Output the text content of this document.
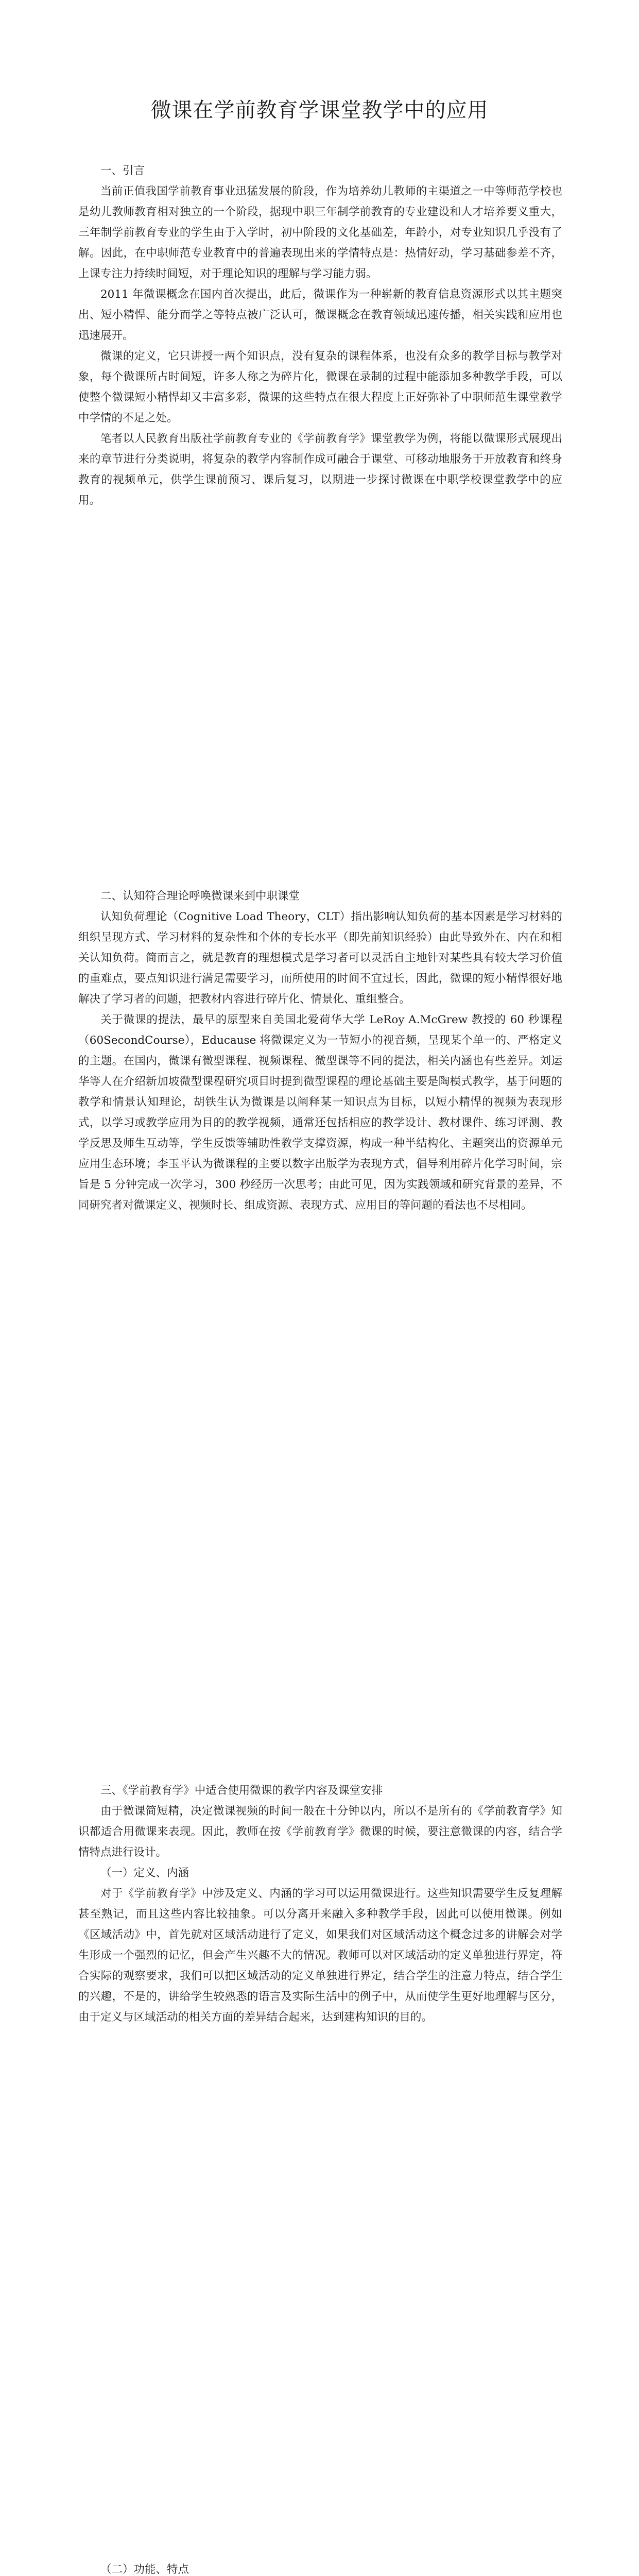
微课在学前教育学课堂教学中的应用

一、引言

当前正值我国学前教育事业迅猛发展的阶段，作为培养幼儿教师的主渠道之一中等师范学校也是幼儿教师教育相对独立的一个阶段，据现中职三年制学前教育的专业建设和人才培养要义重大，三年制学前教育专业的学生由于入学时，初中阶段的文化基础差，年龄小，对专业知识几乎没有了解。因此，在中职师范专业教育中的普遍表现出来的学情特点是：热情好动，学习基础参差不齐，上课专注力持续时间短，对于理论知识的理解与学习能力弱。

2011 年微课概念在国内首次提出，此后，微课作为一种崭新的教育信息资源形式以其主题突出、短小精悍、能分而学之等特点被广泛认可，微课概念在教育领域迅速传播，相关实践和应用也迅速展开。

微课的定义，它只讲授一两个知识点，没有复杂的课程体系，也没有众多的教学目标与教学对象，每个微课所占时间短，许多人称之为碎片化，微课在录制的过程中能添加多种教学手段，可以使整个微课短小精悍却又丰富多彩，微课的这些特点在很大程度上正好弥补了中职师范生课堂教学中学情的不足之处。

笔者以人民教育出版社学前教育专业的《学前教育学》课堂教学为例，将能以微课形式展现出来的章节进行分类说明，将复杂的教学内容制作成可融合于课堂、可移动地服务于开放教育和终身教育的视频单元，供学生课前预习、课后复习，以期进一步探讨微课在中职学校课堂教学中的应用。

二、认知符合理论呼唤微课来到中职课堂

认知负荷理论（Cognitive Load Theory，CLT）指出影响认知负荷的基本因素是学习材料的组织呈现方式、学习材料的复杂性和个体的专长水平（即先前知识经验）由此导致外在、内在和相关认知负荷。简而言之，就是教育的理想模式是学习者可以灵活自主地针对某些具有较大学习价值的重难点，要点知识进行满足需要学习，而所使用的时间不宜过长，因此，微课的短小精悍很好地解决了学习者的问题，把教材内容进行碎片化、情景化、重组整合。

关于微课的提法，最早的原型来自美国北爱荷华大学 LeRoy A.McGrew 教授的 60 秒课程（60SecondCourse），Educause 将微课定义为一节短小的视音频，呈现某个单一的、严格定义的主题。在国内，微课有微型课程、视频课程、微型课等不同的提法，相关内涵也有些差异。刘运华等人在介绍新加坡微型课程研究项目时提到微型课程的理论基础主要是陶模式教学，基于问题的教学和情景认知理论，胡铁生认为微课是以阐释某一知识点为目标，以短小精悍的视频为表现形式，以学习或教学应用为目的的教学视频，通常还包括相应的教学设计、教材课件、练习评测、教学反思及师生互动等，学生反馈等辅助性教学支撑资源，构成一种半结构化、主题突出的资源单元应用生态环境；李玉平认为微课程的主要以数字出版学为表现方式，倡导利用碎片化学习时间，宗旨是 5 分钟完成一次学习，300 秒经历一次思考；由此可见，因为实践领域和研究背景的差异，不同研究者对微课定义、视频时长、组成资源、表现方式、应用目的等问题的看法也不尽相同。

三、《学前教育学》中适合使用微课的教学内容及课堂安排

由于微课简短精，决定微课视频的时间一般在十分钟以内，所以不是所有的《学前教育学》知识都适合用微课来表现。因此，教师在按《学前教育学》微课的时候，要注意微课的内容，结合学情特点进行设计。

（一）定义、内涵

对于《学前教育学》中涉及定义、内涵的学习可以运用微课进行。这些知识需要学生反复理解甚至熟记，而且这些内容比较抽象。可以分离开来融入多种教学手段，因此可以使用微课。例如《区域活动》中，首先就对区域活动进行了定义，如果我们对区域活动这个概念过多的讲解会对学生形成一个强烈的记忆，但会产生兴趣不大的情况。教师可以对区域活动的定义单独进行界定，符合实际的观察要求，我们可以把区域活动的定义单独进行界定，结合学生的注意力特点，结合学生的兴趣，不是的，讲给学生较熟悉的语言及实际生活中的例子中，从而使学生更好地理解与区分，由于定义与区域活动的相关方面的差异结合起来，达到建构知识的目的。

（二）功能、特点
